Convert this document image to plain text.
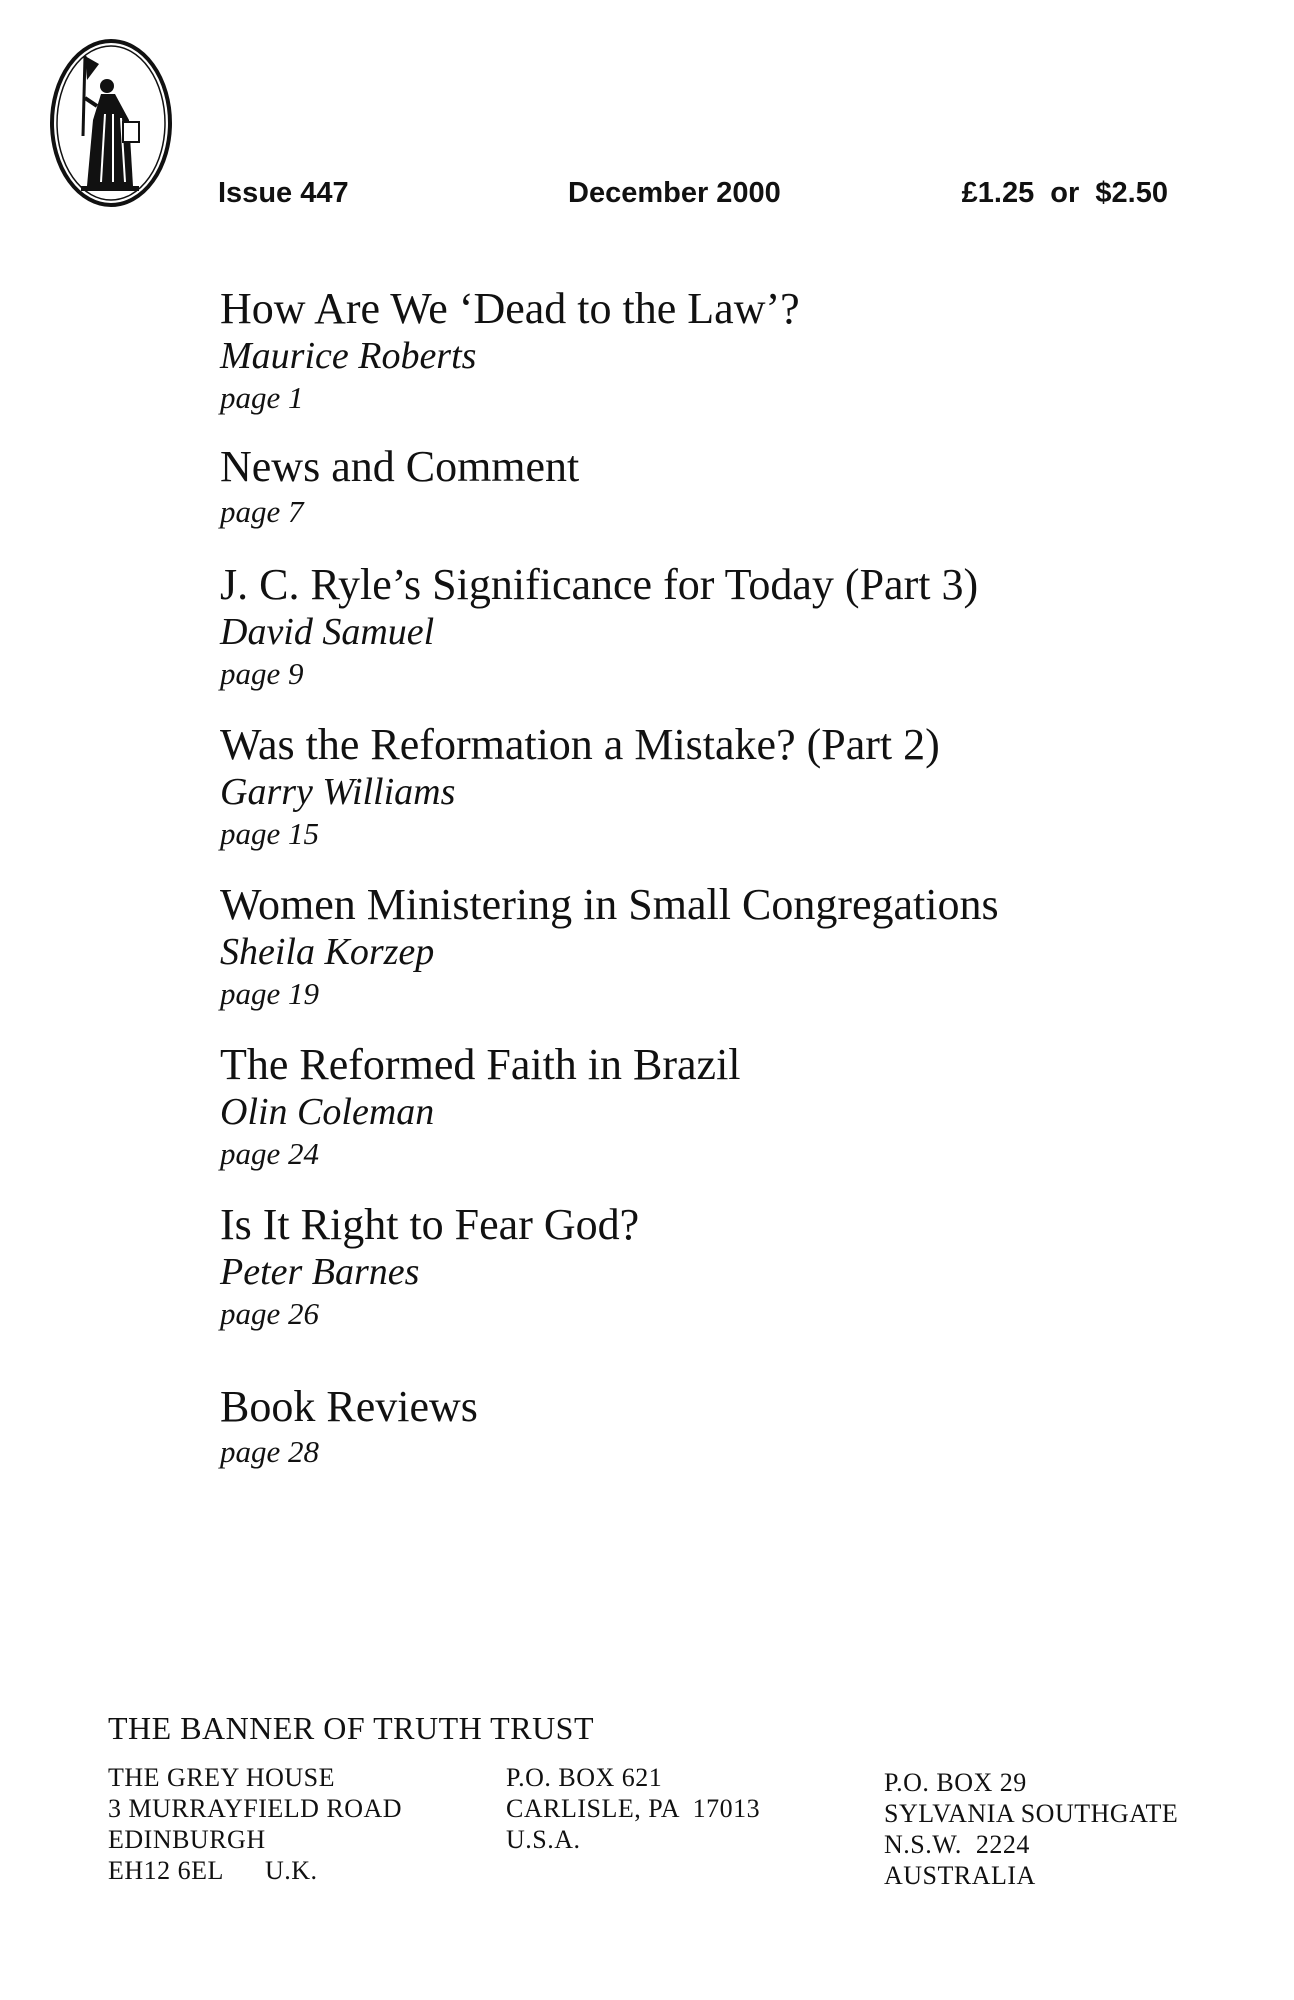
Issue 447	December 2000	£1.25  or  $2.50
How Are We ‘Dead to the Law’?
Maurice Roberts
page 1
News and Comment
page 7
J. C. Ryle’s Significance for Today (Part 3)
David Samuel
page 9
Was the Reformation a Mistake? (Part 2)
Garry Williams
page 15
Women Ministering in Small Congregations
Sheila Korzep
page 19
The Reformed Faith in Brazil
Olin Coleman
page 24
Is It Right to Fear God?
Peter Barnes
page 26
Book Reviews
page 28
THE BANNER OF TRUTH TRUST
THE GREY HOUSE
3 MURRAYFIELD ROAD
EDINBURGH
EH12 6EL      U.K.
P.O. BOX 621
CARLISLE, PA  17013
U.S.A.
P.O. BOX 29
SYLVANIA SOUTHGATE
N.S.W.  2224
AUSTRALIA
